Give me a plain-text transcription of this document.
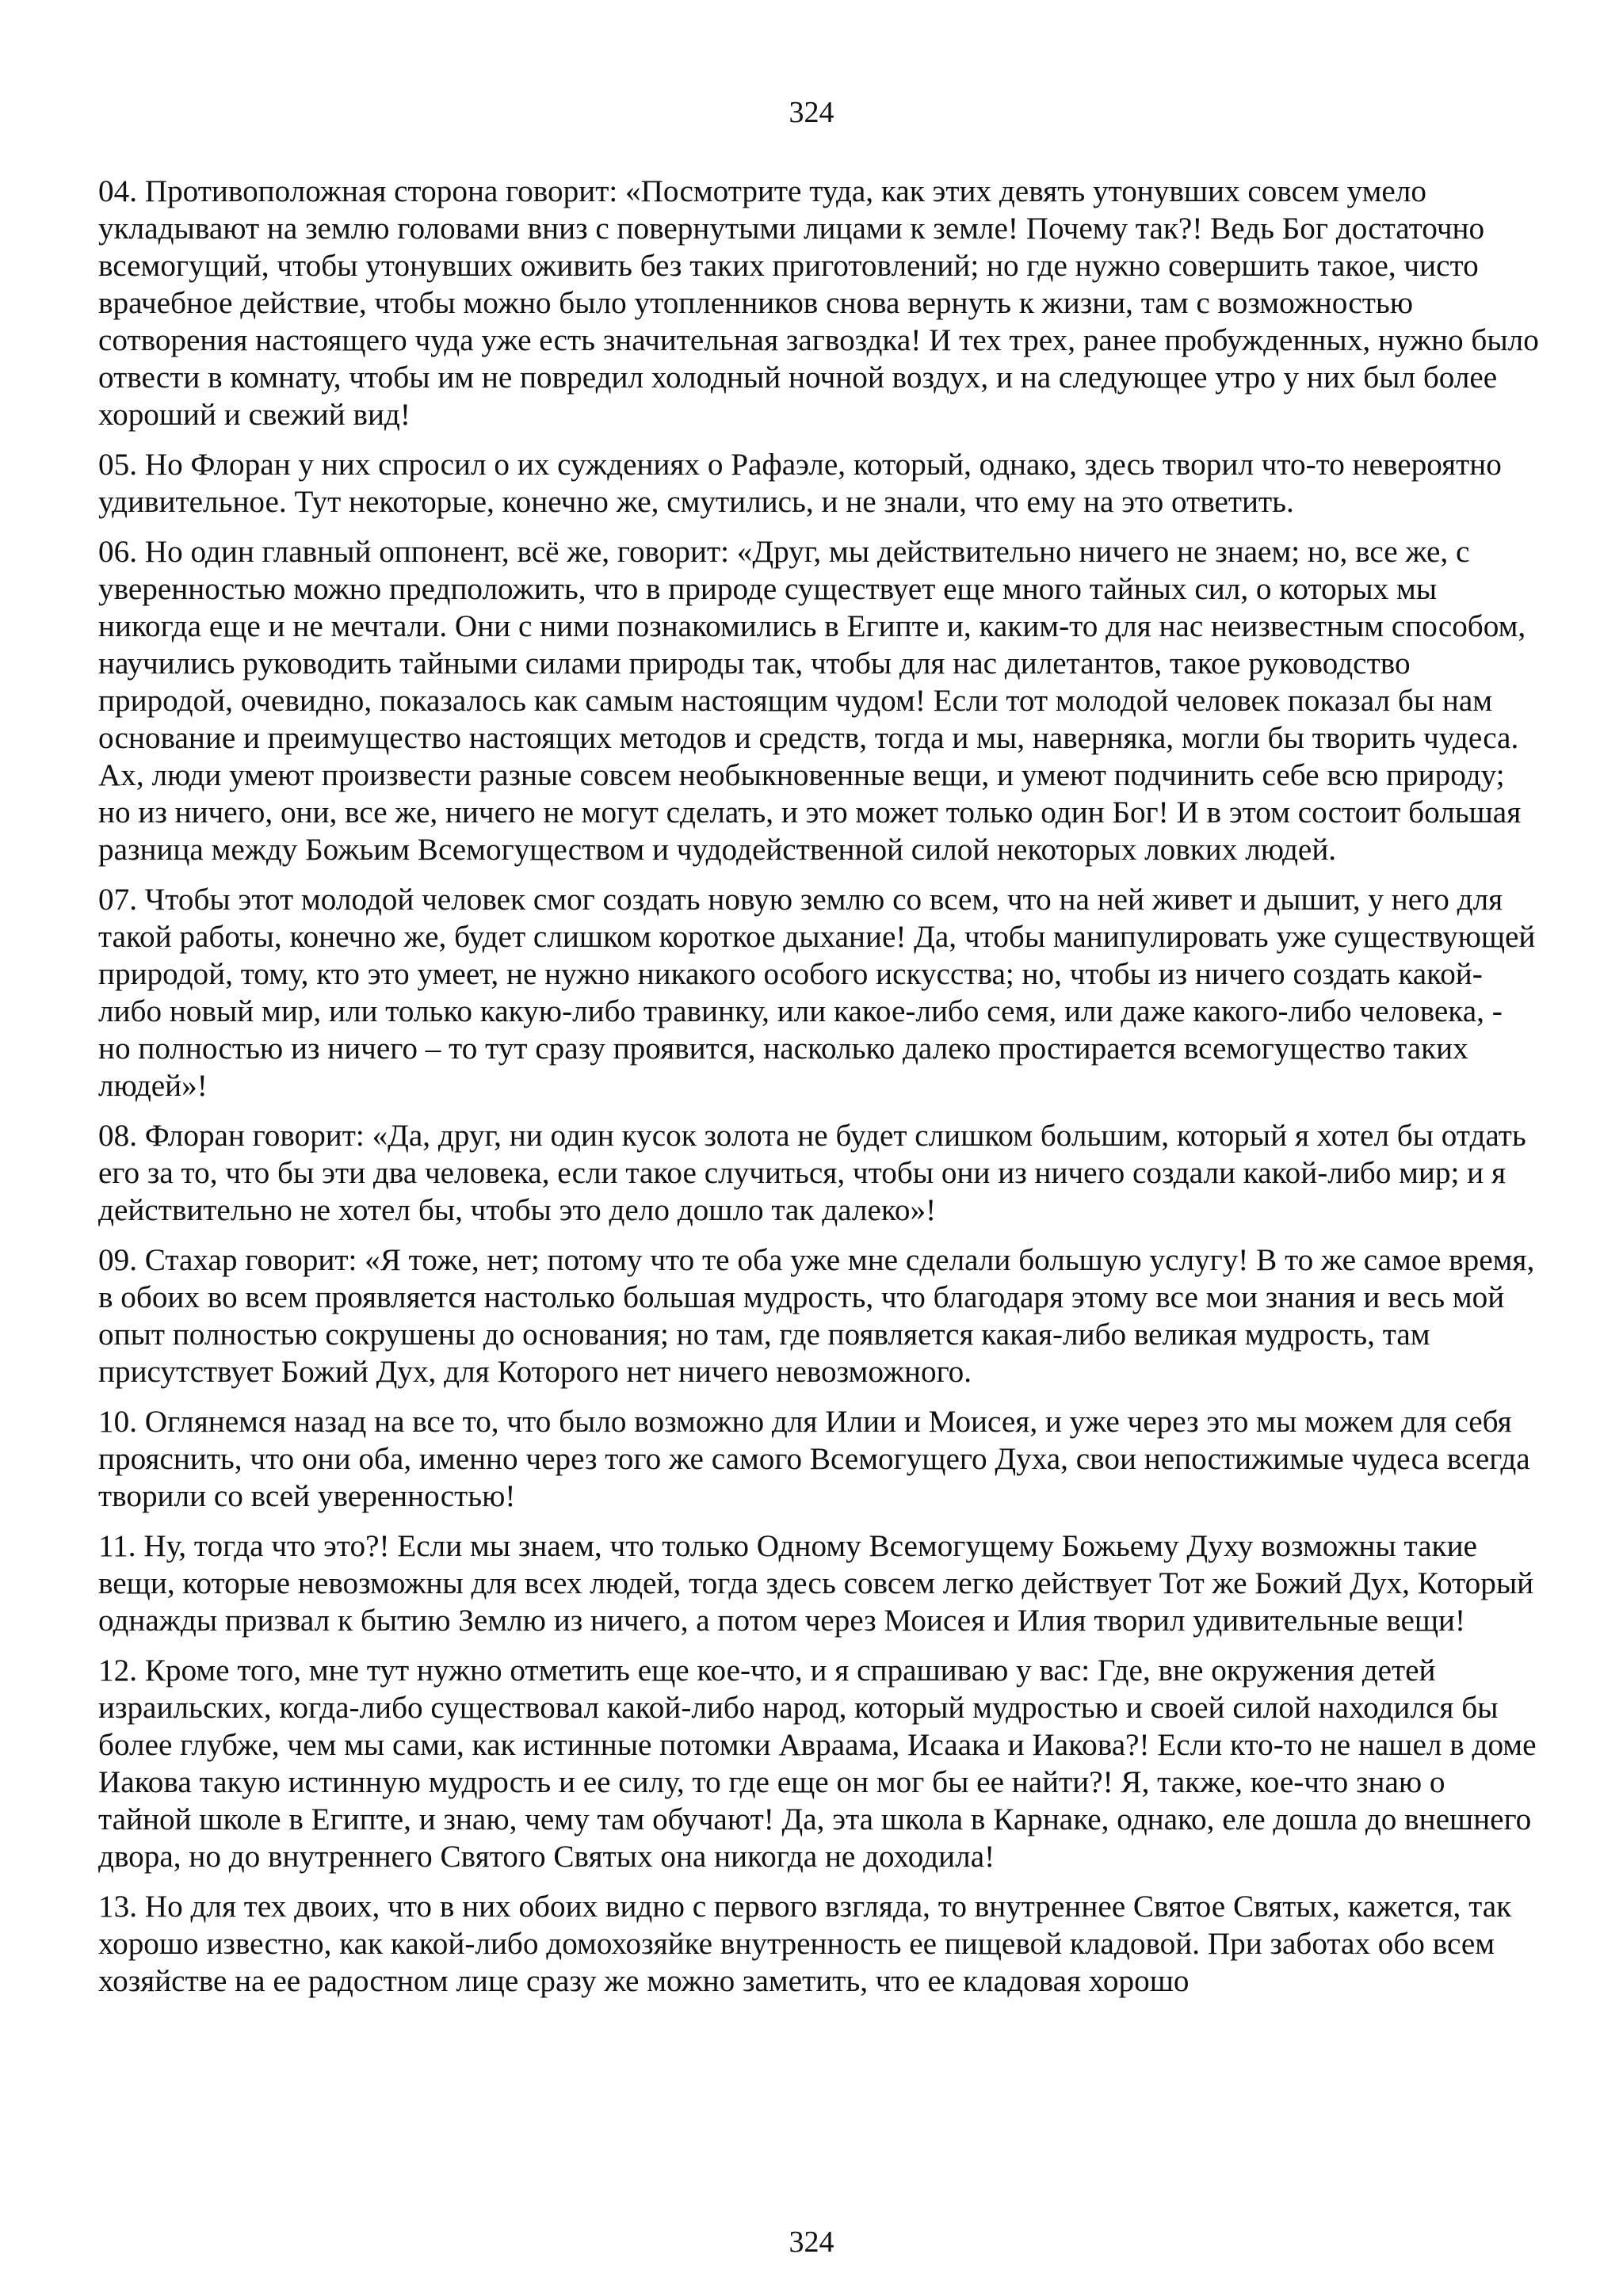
324

04. Противоположная сторона говорит: «Посмотрите туда, как этих девять утонувших совсем умело укладывают на землю головами вниз с повернутыми лицами к земле! Почему так?! Ведь Бог достаточно всемогущий, чтобы утонувших оживить без таких приготовлений; но где нужно совершить такое, чисто врачебное действие, чтобы можно было утопленников снова вернуть к жизни, там с возможностью сотворения настоящего чуда уже есть значительная загвоздка! И тех трех, ранее пробужденных, нужно было отвести в комнату, чтобы им не повредил холодный ночной воздух, и на следующее утро у них был более хороший и свежий вид!

05. Но Флоран у них спросил о их суждениях о Рафаэле, который, однако, здесь творил что-то невероятно удивительное. Тут некоторые, конечно же, смутились, и не знали, что ему на это ответить.

06. Но один главный оппонент, всё же, говорит: «Друг, мы действительно ничего не знаем; но, все же, с уверенностью можно предположить, что в природе существует еще много тайных сил, о которых мы никогда еще и не мечтали. Они с ними познакомились в Египте и, каким-то для нас неизвестным способом, научились руководить тайными силами природы так, чтобы для нас дилетантов, такое руководство природой, очевидно, показалось как самым настоящим чудом! Если тот молодой человек показал бы нам основание и преимущество настоящих методов и средств, тогда и мы, наверняка, могли бы творить чудеса. Ах, люди умеют произвести разные совсем необыкновенные вещи, и умеют подчинить себе всю природу; но из ничего, они, все же, ничего не могут сделать, и это может только один Бог! И в этом состоит большая разница между Божьим Всемогуществом и чудодейственной силой некоторых ловких людей.

07. Чтобы этот молодой человек смог создать новую землю со всем, что на ней живет и дышит, у него для такой работы, конечно же, будет слишком короткое дыхание! Да, чтобы манипулировать уже существующей природой, тому, кто это умеет, не нужно никакого особого искусства; но, чтобы из ничего создать какой-либо новый мир, или только какую-либо травинку, или какое-либо семя, или даже какого-либо человека, - но полностью из ничего – то тут сразу проявится, насколько далеко простирается всемогущество таких людей»!

08. Флоран говорит: «Да, друг, ни один кусок золота не будет слишком большим, который я хотел бы отдать его за то, что бы эти два человека, если такое случиться, чтобы они из ничего создали какой-либо мир; и я действительно не хотел бы, чтобы это дело дошло так далеко»!

09. Стахар говорит: «Я тоже, нет; потому что те оба уже мне сделали большую услугу! В то же самое время, в обоих во всем проявляется настолько большая мудрость, что благодаря этому все мои знания и весь мой опыт полностью сокрушены до основания; но там, где появляется какая-либо великая мудрость, там присутствует Божий Дух, для Которого нет ничего невозможного.

10. Оглянемся назад на все то, что было возможно для Илии и Моисея, и уже через это мы можем для себя прояснить, что они оба, именно через того же самого Всемогущего Духа, свои непостижимые чудеса всегда творили со всей уверенностью!

11. Ну, тогда что это?! Если мы знаем, что только Одному Всемогущему Божьему Духу возможны такие вещи, которые невозможны для всех людей, тогда здесь совсем легко действует Тот же Божий Дух, Который однажды призвал к бытию Землю из ничего, а потом через Моисея и Илия творил удивительные вещи!

12. Кроме того, мне тут нужно отметить еще кое-что, и я спрашиваю у вас: Где, вне окружения детей израильских, когда-либо существовал какой-либо народ, который мудростью и своей силой находился бы более глубже, чем мы сами, как истинные потомки Авраама, Исаака и Иакова?! Если кто-то не нашел в доме Иакова такую истинную мудрость и ее силу, то где еще он мог бы ее найти?! Я, также, кое-что знаю о тайной школе в Египте, и знаю, чему там обучают! Да, эта школа в Карнаке, однако, еле дошла до внешнего двора, но до внутреннего Святого Святых она никогда не доходила!

13. Но для тех двоих, что в них обоих видно с первого взгляда, то внутреннее Святое Святых, кажется, так хорошо известно, как какой-либо домохозяйке внутренность ее пищевой кладовой. При заботах обо всем хозяйстве на ее радостном лице сразу же можно заметить, что ее кладовая хорошо

324
